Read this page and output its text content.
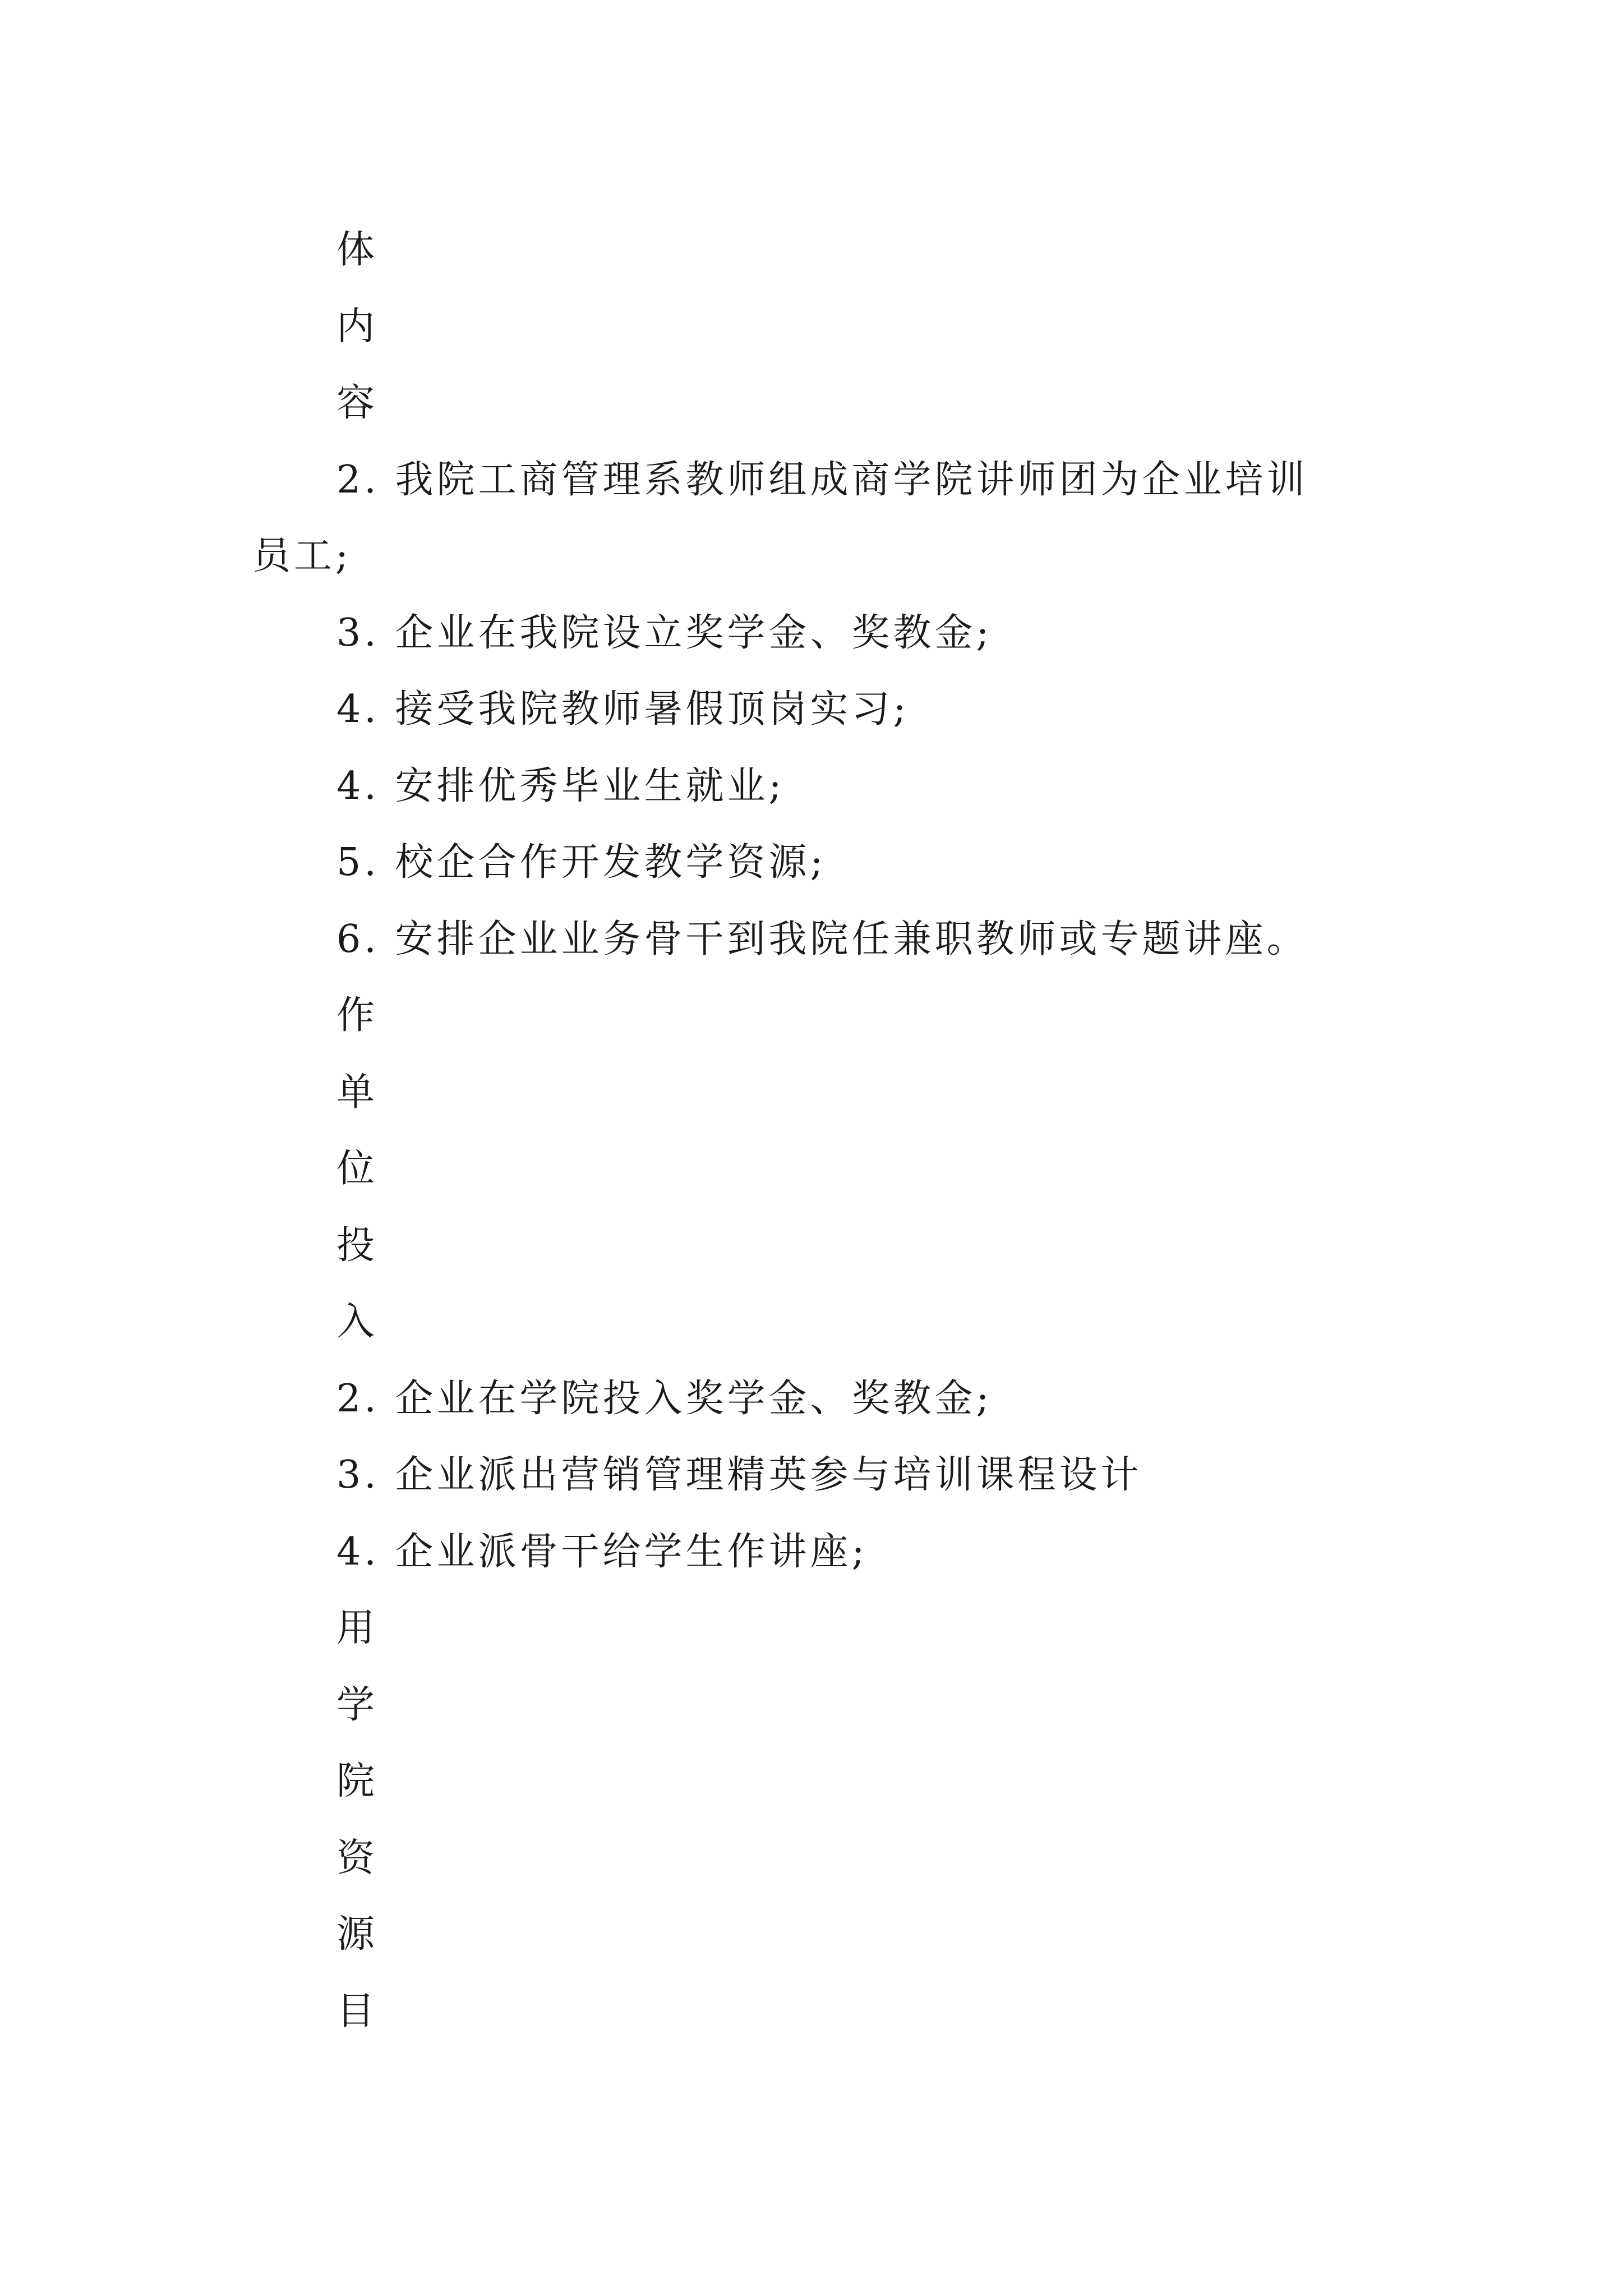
体
内
容
2. 我院工商管理系教师组成商学院讲师团为企业培训
员工;
3. 企业在我院设立奖学金、奖教金;
4. 接受我院教师暑假顶岗实习;
4. 安排优秀毕业生就业;
5. 校企合作开发教学资源;
6. 安排企业业务骨干到我院任兼职教师或专题讲座。
作
单
位
投
入
2. 企业在学院投入奖学金、奖教金;
3. 企业派出营销管理精英参与培训课程设计
4. 企业派骨干给学生作讲座;
用
学
院
资
源
目
